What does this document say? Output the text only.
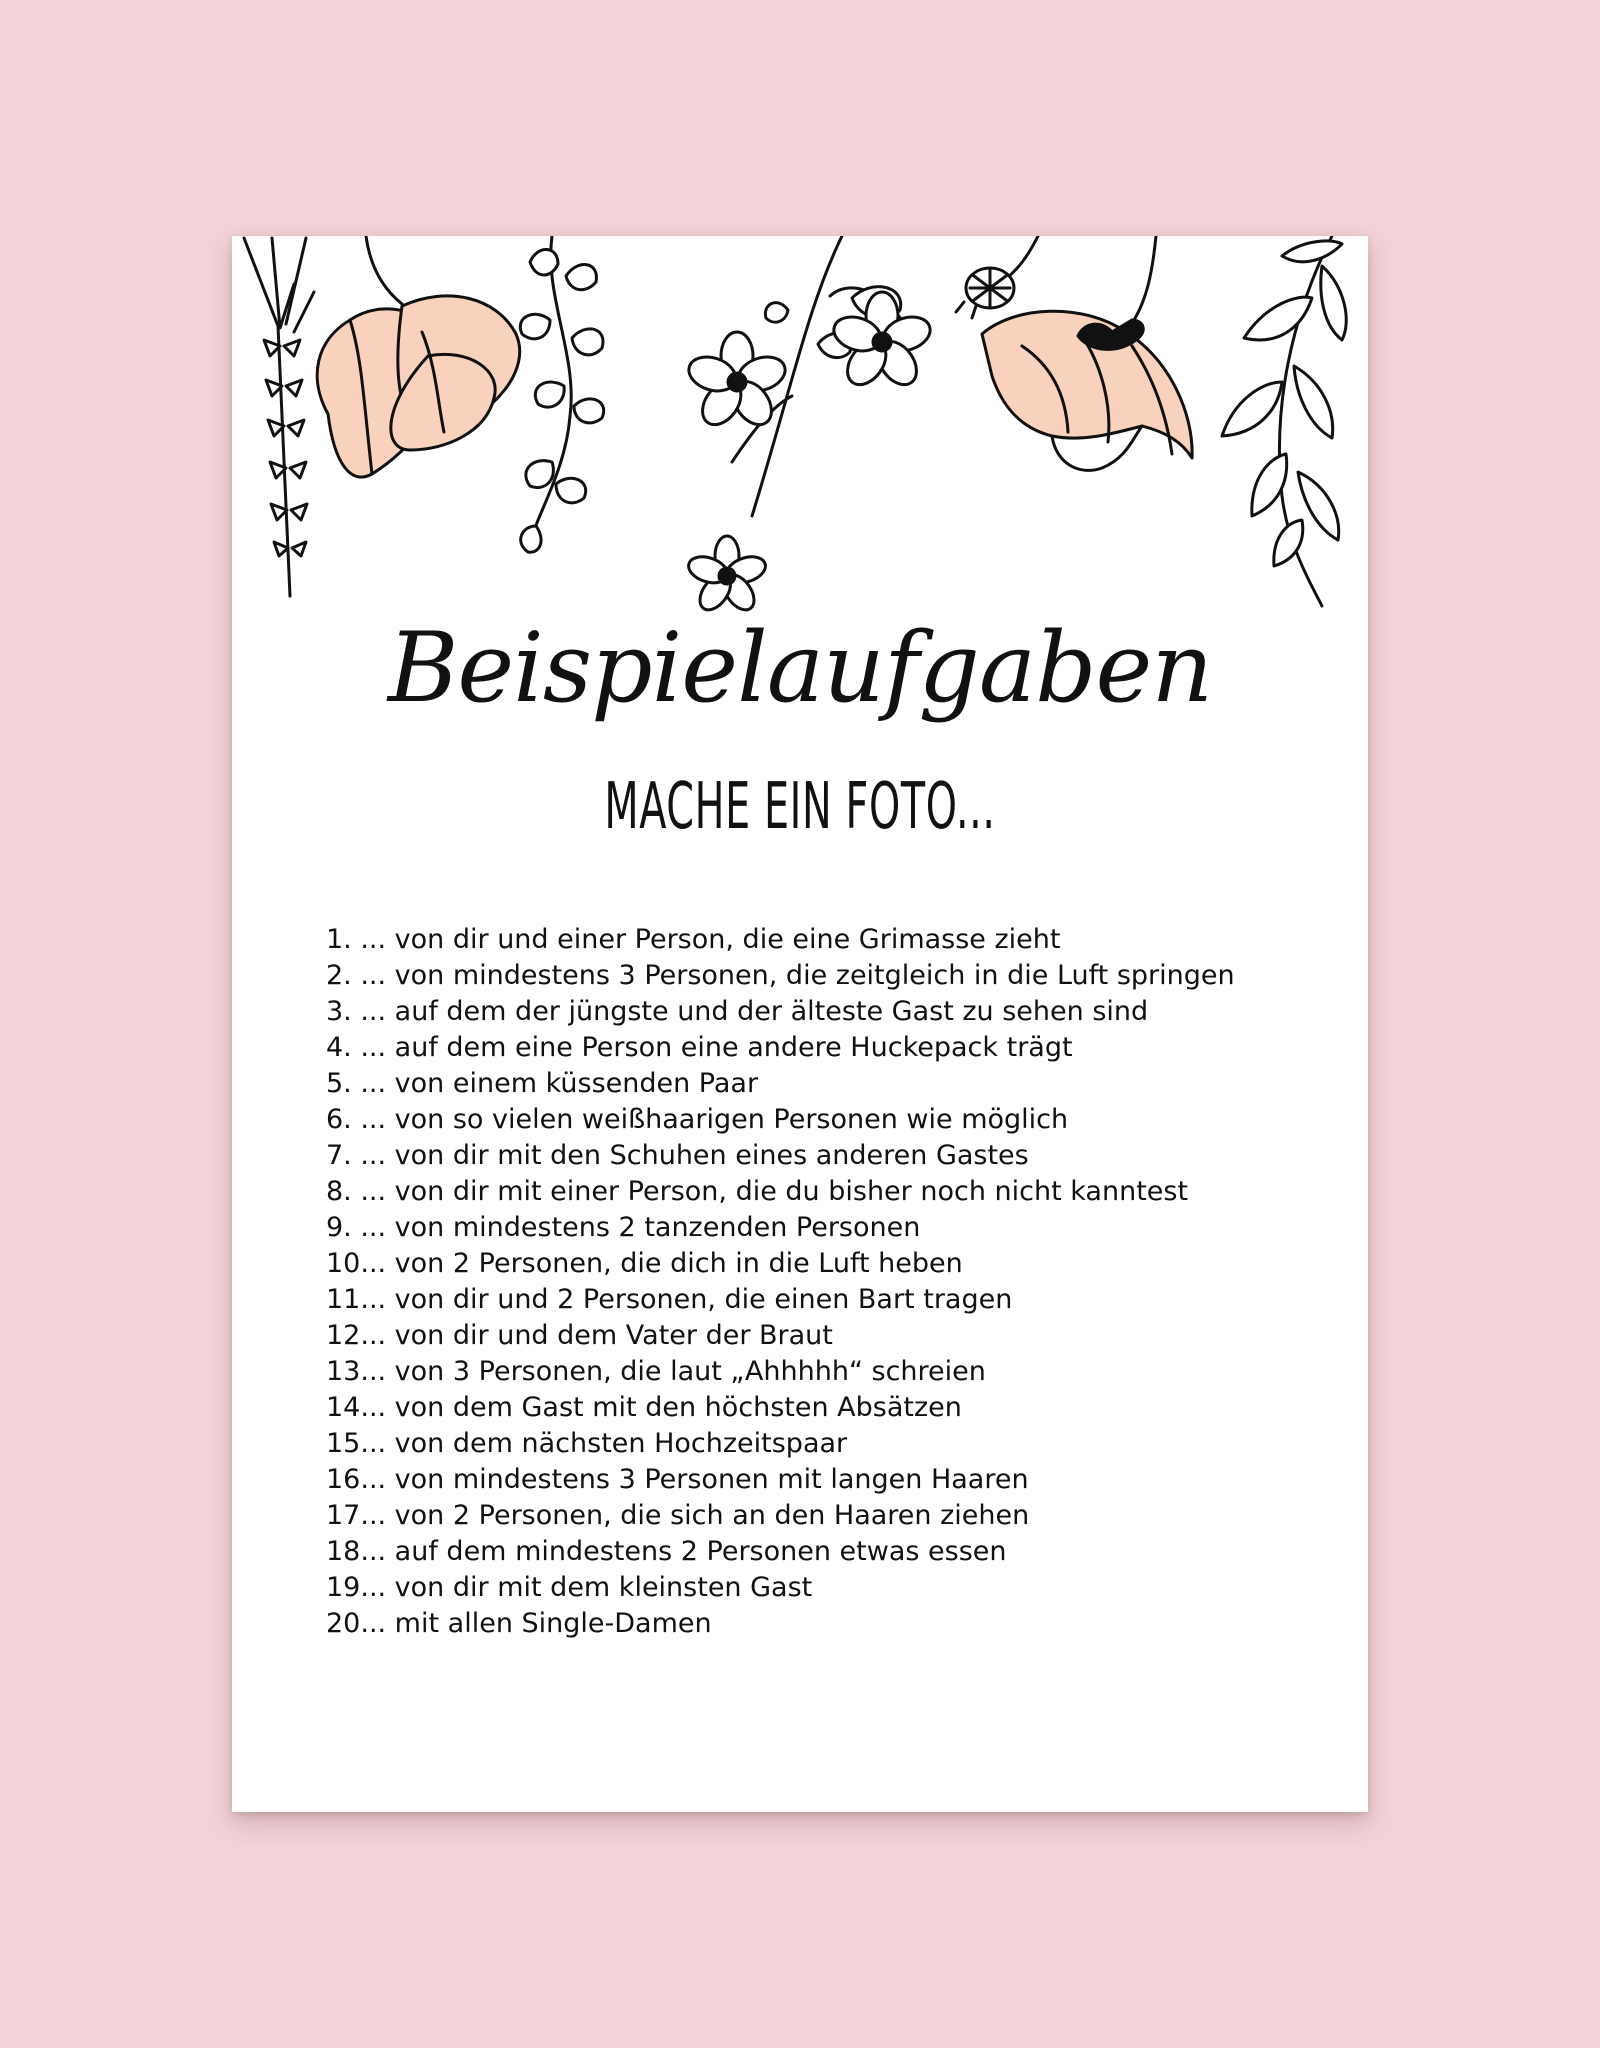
Beispielaufgaben
MACHE EIN FOTO...
1. ... von dir und einer Person, die eine Grimasse zieht
2. ... von mindestens 3 Personen, die zeitgleich in die Luft springen
3. ... auf dem der jüngste und der älteste Gast zu sehen sind
4. ... auf dem eine Person eine andere Huckepack trägt
5. ... von einem küssenden Paar
6. ... von so vielen weißhaarigen Personen wie möglich
7. ... von dir mit den Schuhen eines anderen Gastes
8. ... von dir mit einer Person, die du bisher noch nicht kanntest
9. ... von mindestens 2 tanzenden Personen
10... von 2 Personen, die dich in die Luft heben
11... von dir und 2 Personen, die einen Bart tragen
12... von dir und dem Vater der Braut
13... von 3 Personen, die laut „Ahhhhh“ schreien
14... von dem Gast mit den höchsten Absätzen
15... von dem nächsten Hochzeitspaar
16... von mindestens 3 Personen mit langen Haaren
17... von 2 Personen, die sich an den Haaren ziehen
18... auf dem mindestens 2 Personen etwas essen
19... von dir mit dem kleinsten Gast
20... mit allen Single-Damen
